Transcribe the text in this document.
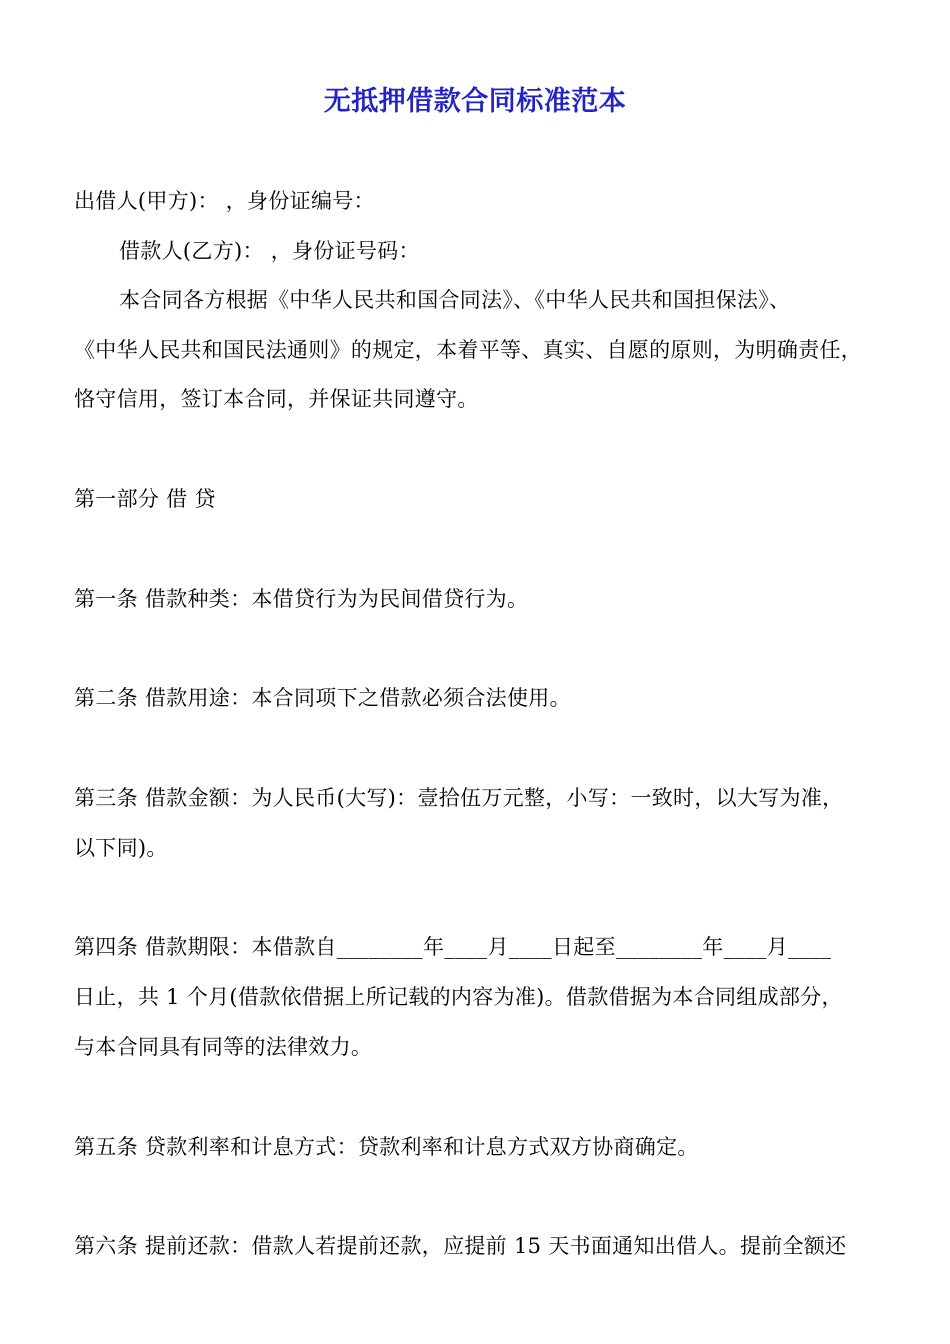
无抵押借款合同标准范本
出借人(甲方)： ，身份证编号：
借款人(乙方)： ，身份证号码：
本合同各方根据《中华人民共和国合同法》、《中华人民共和国担保法》、
《中华人民共和国民法通则》的规定，本着平等、真实、自愿的原则，为明确责任，
恪守信用，签订本合同，并保证共同遵守。
第一部分 借 贷
第一条 借款种类：本借贷行为为民间借贷行为。
第二条 借款用途：本合同项下之借款必须合法使用。
第三条 借款金额：为人民币(大写)：壹拾伍万元整，小写：一致时，以大写为准，
以下同)。
第四条 借款期限：本借款自________年____月____日起至________年____月____
日止，共 1 个月(借款依借据上所记载的内容为准)。借款借据为本合同组成部分，
与本合同具有同等的法律效力。
第五条 贷款利率和计息方式：贷款利率和计息方式双方协商确定。
第六条 提前还款：借款人若提前还款，应提前 15 天书面通知出借人。提前全额还
